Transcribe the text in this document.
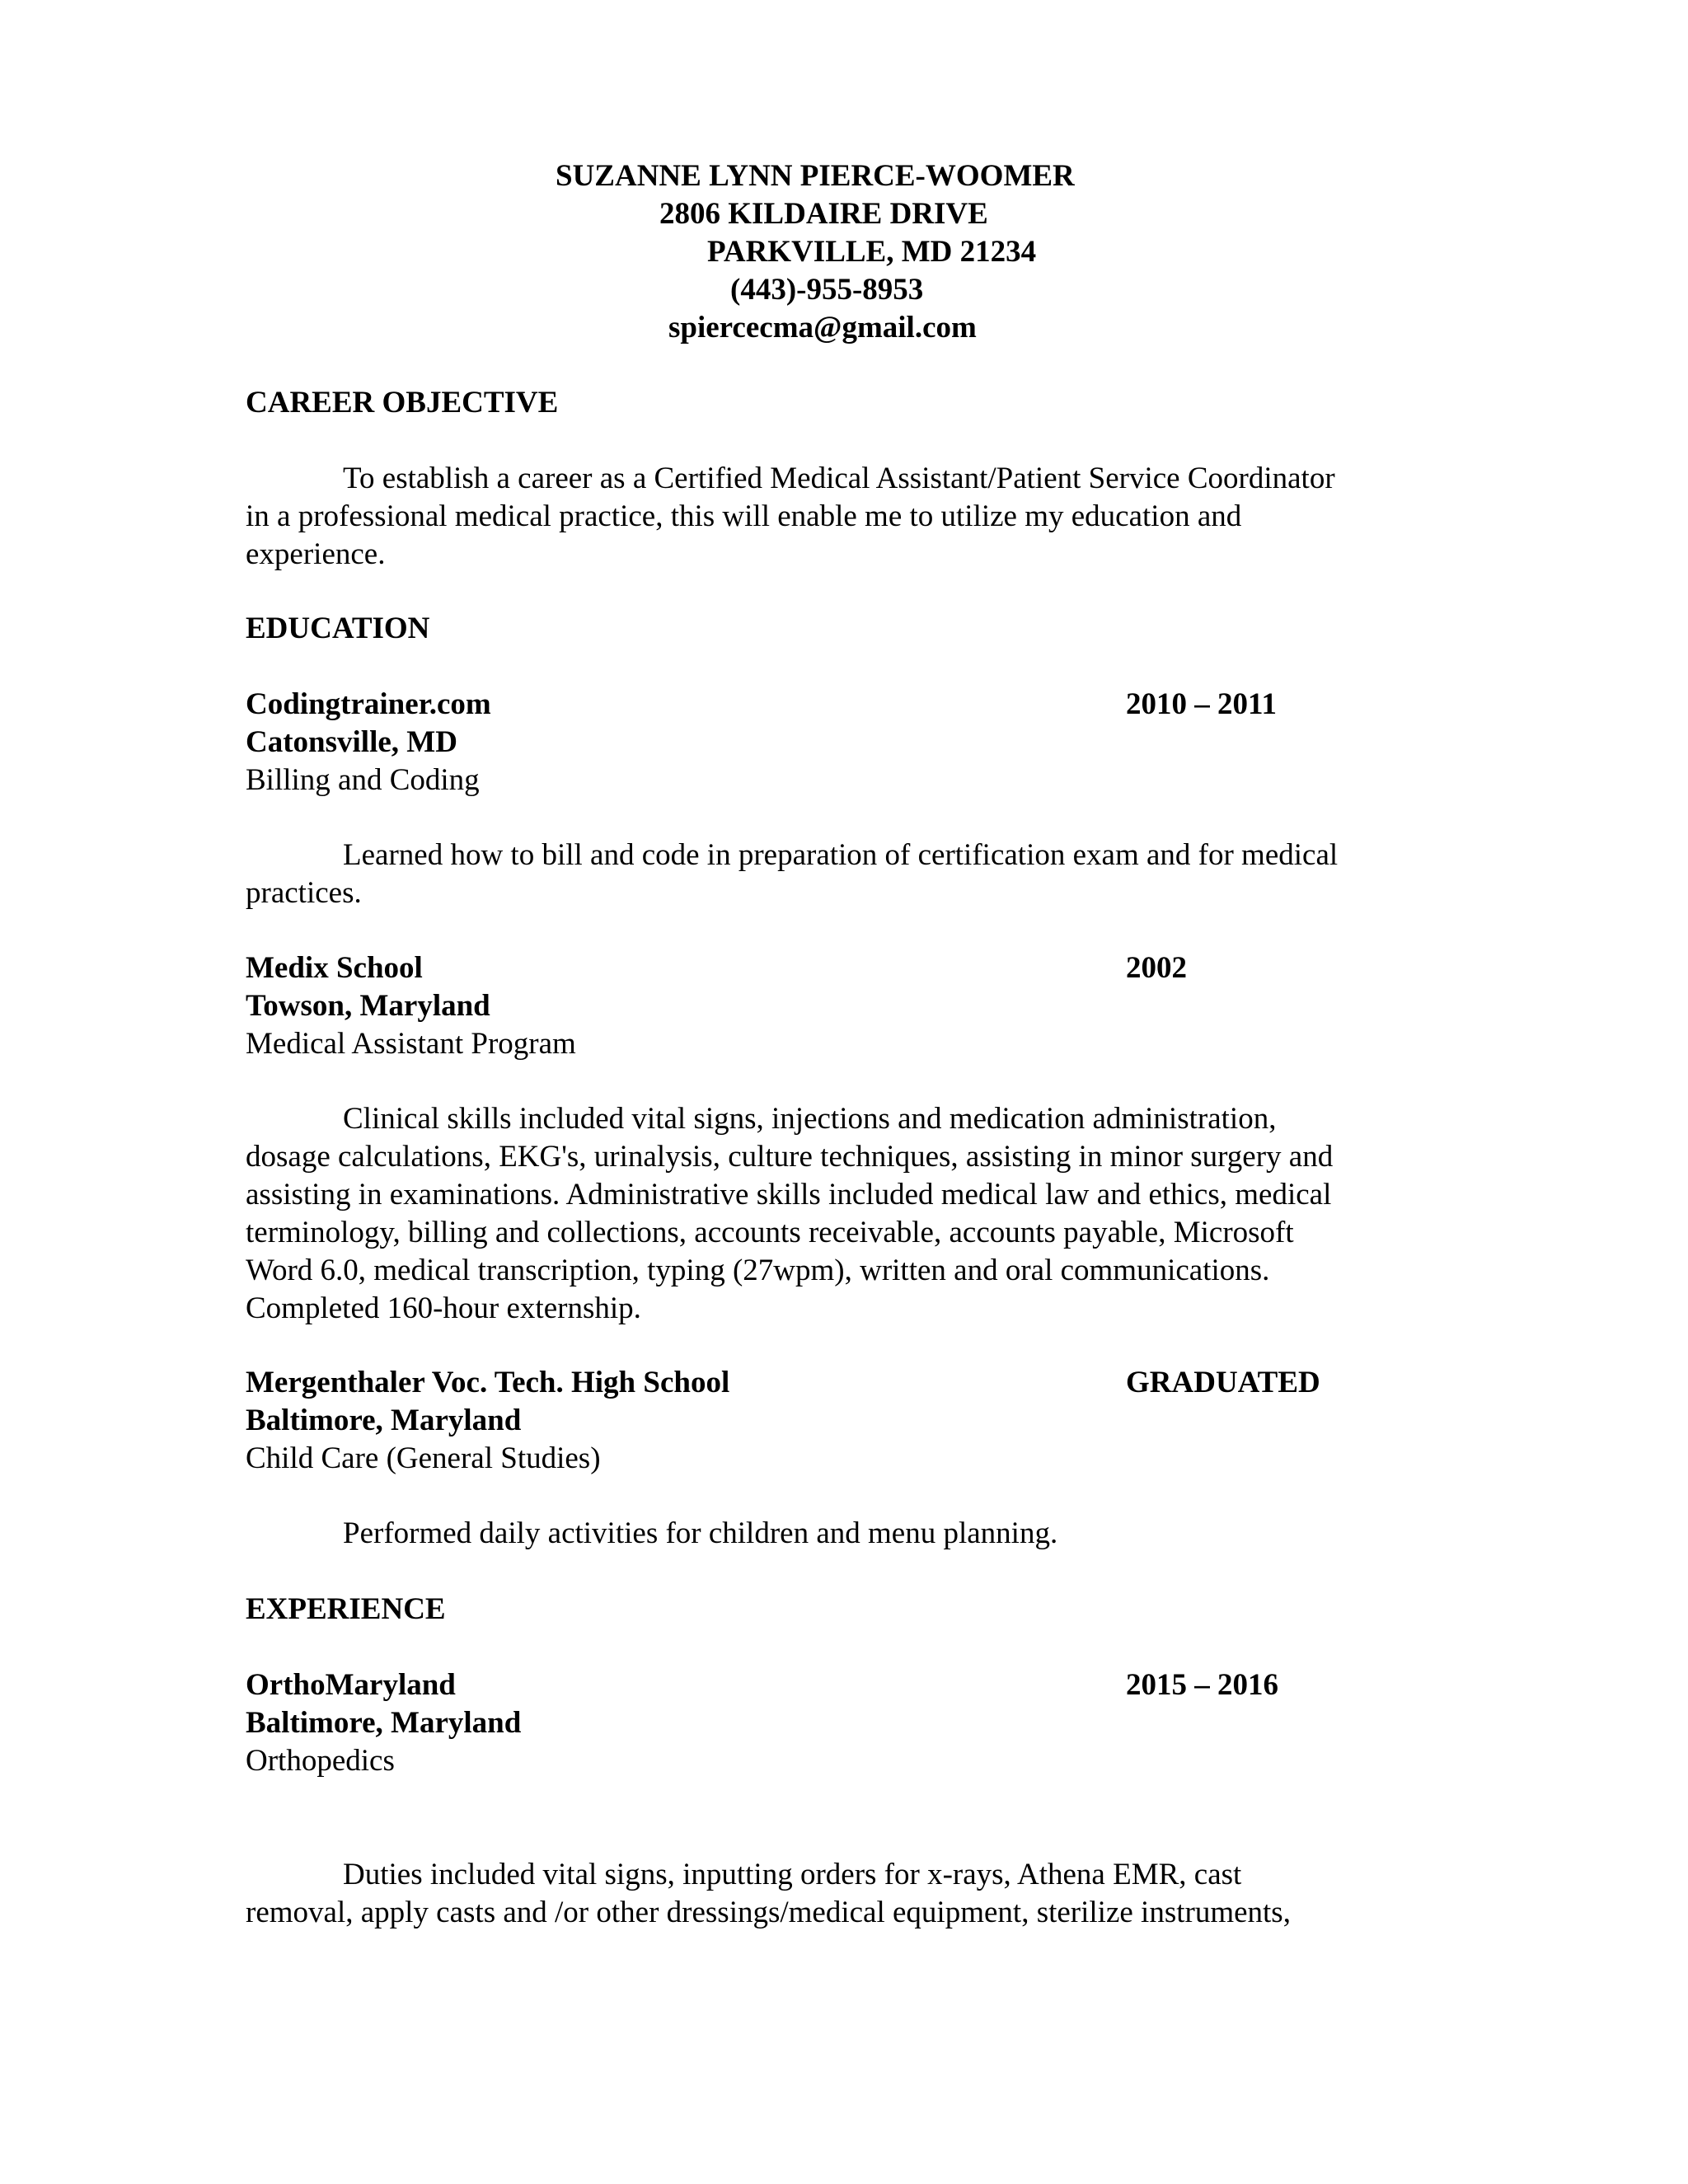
SUZANNE LYNN PIERCE-WOOMER
2806 KILDAIRE DRIVE
PARKVILLE, MD 21234
(443)-955-8953
spiercecma@gmail.com
CAREER OBJECTIVE
To establish a career as a Certified Medical Assistant/Patient Service Coordinator
in a professional medical practice, this will enable me to utilize my education and
experience.
EDUCATION
Codingtrainer.com	2010 – 2011
Catonsville, MD
Billing and Coding
Learned how to bill and code in preparation of certification exam and for medical
practices.
Medix School	2002
Towson, Maryland
Medical Assistant Program
Clinical skills included vital signs, injections and medication administration,
dosage calculations, EKG's, urinalysis, culture techniques, assisting in minor surgery and
assisting in examinations. Administrative skills included medical law and ethics, medical
terminology, billing and collections, accounts receivable, accounts payable, Microsoft
Word 6.0, medical transcription, typing (27wpm), written and oral communications.
Completed 160-hour externship.
Mergenthaler Voc. Tech. High School	GRADUATED
Baltimore, Maryland
Child Care (General Studies)
Performed daily activities for children and menu planning.
EXPERIENCE
OrthoMaryland	2015 – 2016
Baltimore, Maryland
Orthopedics
Duties included vital signs, inputting orders for x-rays, Athena EMR, cast
removal, apply casts and /or other dressings/medical equipment, sterilize instruments,
